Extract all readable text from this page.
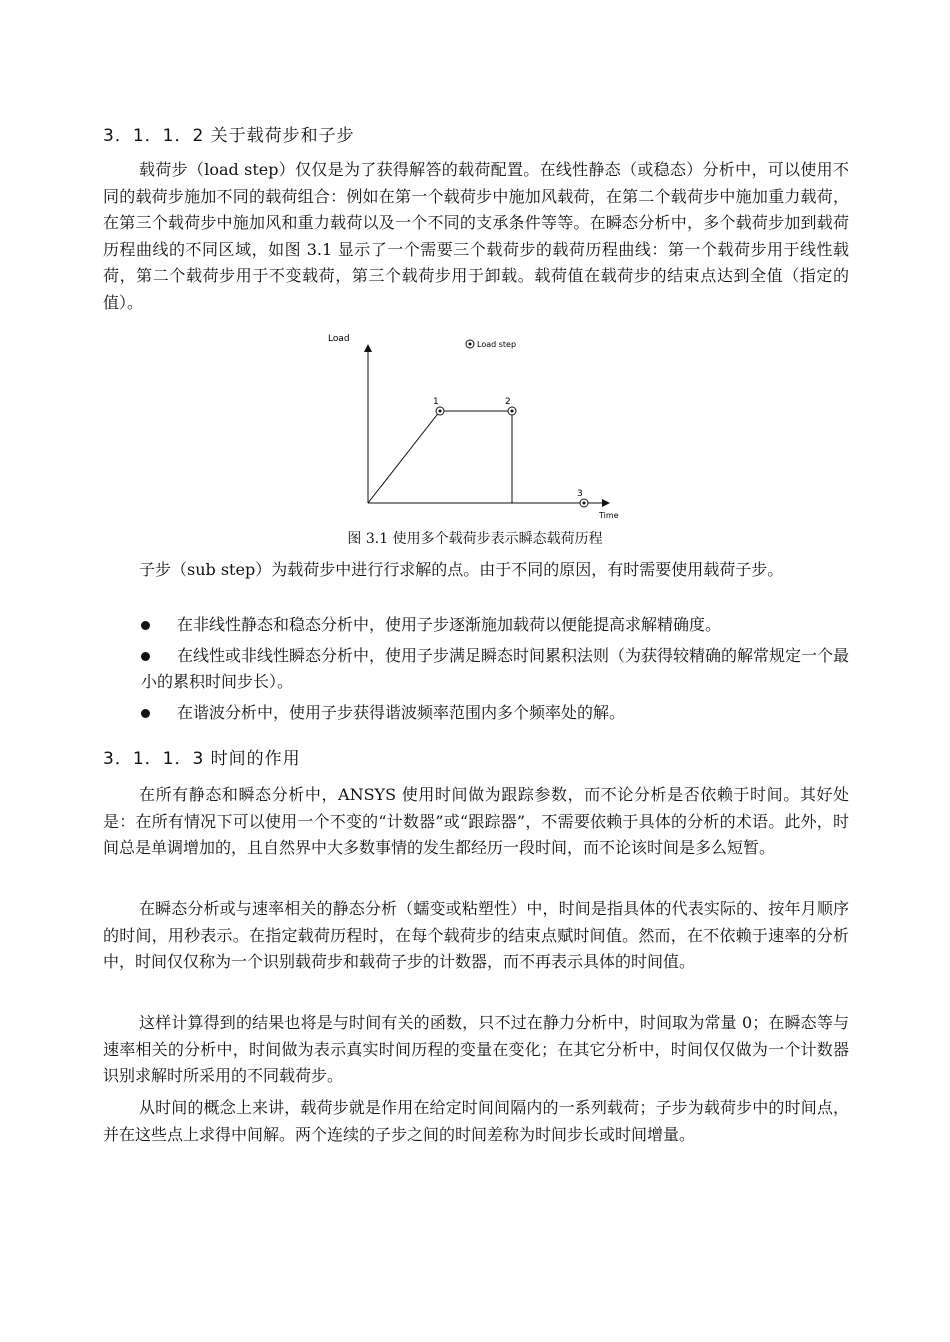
3．1．1．2 关于载荷步和子步

载荷步（load step）仅仅是为了获得解答的载荷配置。在线性静态（或稳态）分析中，可以使用不同的载荷步施加不同的载荷组合：例如在第一个载荷步中施加风载荷，在第二个载荷步中施加重力载荷，在第三个载荷步中施加风和重力载荷以及一个不同的支承条件等等。在瞬态分析中，多个载荷步加到载荷历程曲线的不同区域，如图 3.1 显示了一个需要三个载荷步的载荷历程曲线：第一个载荷步用于线性载荷，第二个载荷步用于不变载荷，第三个载荷步用于卸载。载荷值在载荷步的结束点达到全值（指定的值）。

Load
Time
Load step
1	2
3

图 3.1 使用多个载荷步表示瞬态载荷历程

子步（sub step）为载荷步中进行行求解的点。由于不同的原因，有时需要使用载荷子步。

在非线性静态和稳态分析中，使用子步逐渐施加载荷以便能提高求解精确度。
在线性或非线性瞬态分析中，使用子步满足瞬态时间累积法则（为获得较精确的解常规定一个最小的累积时间步长）。
在谐波分析中，使用子步获得谐波频率范围内多个频率处的解。
3．1．1．3 时间的作用

在所有静态和瞬态分析中，ANSYS 使用时间做为跟踪参数，而不论分析是否依赖于时间。其好处是：在所有情况下可以使用一个不变的“计数器”或“跟踪器”，不需要依赖于具体的分析的术语。此外，时间总是单调增加的，且自然界中大多数事情的发生都经历一段时间，而不论该时间是多么短暂。

在瞬态分析或与速率相关的静态分析（蠕变或粘塑性）中，时间是指具体的代表实际的、按年月顺序的时间，用秒表示。在指定载荷历程时，在每个载荷步的结束点赋时间值。然而，在不依赖于速率的分析中，时间仅仅称为一个识别载荷步和载荷子步的计数器，而不再表示具体的时间值。

这样计算得到的结果也将是与时间有关的函数，只不过在静力分析中，时间取为常量 0；在瞬态等与速率相关的分析中，时间做为表示真实时间历程的变量在变化；在其它分析中，时间仅仅做为一个计数器识别求解时所采用的不同载荷步。

从时间的概念上来讲，载荷步就是作用在给定时间间隔内的一系列载荷；子步为载荷步中的时间点，并在这些点上求得中间解。两个连续的子步之间的时间差称为时间步长或时间增量。
